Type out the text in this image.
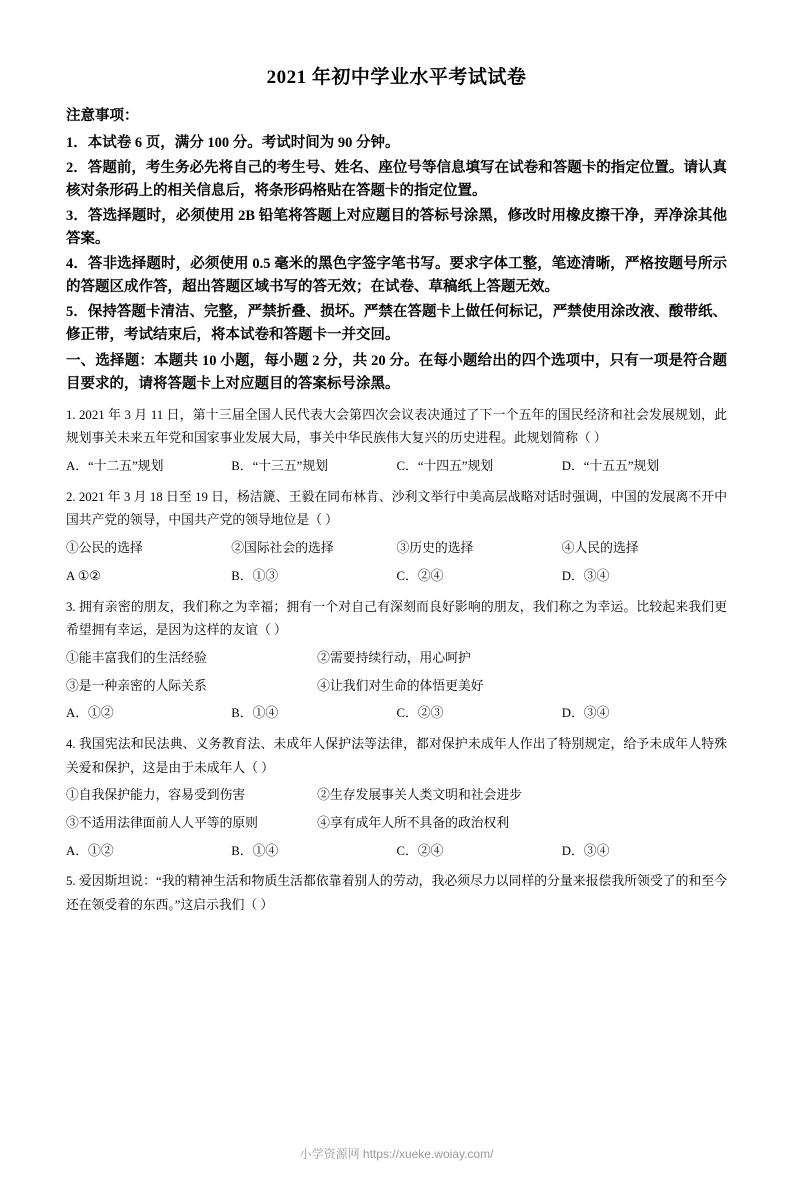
2021 年初中学业水平考试试卷
注意事项：
1．本试卷 6 页，满分 100 分。考试时间为 90 分钟。
2．答题前，考生务必先将自己的考生号、姓名、座位号等信息填写在试卷和答题卡的指定位置。请认真核对条形码上的相关信息后，将条形码格贴在答题卡的指定位置。
3．答选择题时，必须使用 2B 铅笔将答题上对应题目的答标号涂黑，修改时用橡皮擦干净，弄净涂其他答案。
4．答非选择题时，必须使用 0.5 毫米的黑色字签字笔书写。要求字体工整，笔迹清晰，严格按题号所示的答题区成作答，超出答题区域书写的答无效；在试卷、草稿纸上答题无效。
5．保持答题卡清洁、完整，严禁折叠、损坏。严禁在答题卡上做任何标记，严禁使用涂改液、酸带纸、修正带，考试结束后，将本试卷和答题卡一并交回。
一、选择题：本题共 10 小题，每小题 2 分，共 20 分。在每小题给出的四个选项中，只有一项是符合题目要求的，请将答题卡上对应题目的答案标号涂黑。
1. 2021 年 3 月 11 日，第十三届全国人民代表大会第四次会议表决通过了下一个五年的国民经济和社会发展规划，此规划事关未来五年党和国家事业发展大局，事关中华民族伟大复兴的历史进程。此规划简称（ ）
A．“十二五”规划	B．“十三五”规划	C．“十四五”规划	D．“十五五”规划
2. 2021 年 3 月 18 日至 19 日，杨洁篪、王毅在同布林肯、沙利文举行中美高层战略对话时强调，中国的发展离不开中国共产党的领导，中国共产党的领导地位是（ ）
①公民的选择	②国际社会的选择	③历史的选择	④人民的选择
A ①②	B．①③	C．②④	D．③④
3. 拥有亲密的朋友，我们称之为幸福；拥有一个对自己有深刻而良好影响的朋友，我们称之为幸运。比较起来我们更希望拥有幸运，是因为这样的友谊（ ）
①能丰富我们的生活经验	②需要持续行动，用心呵护
③是一种亲密的人际关系	④让我们对生命的体悟更美好
A．①②	B．①④	C．②③	D．③④
4. 我国宪法和民法典、义务教育法、未成年人保护法等法律，都对保护未成年人作出了特别规定，给予未成年人特殊关爱和保护，这是由于未成年人（ ）
①自我保护能力，容易受到伤害	②生存发展事关人类文明和社会进步
③不适用法律面前人人平等的原则	④享有成年人所不具备的政治权利
A．①②	B．①④	C．②④	D．③④
5. 爱因斯坦说：“我的精神生活和物质生活都依靠着别人的劳动，我必须尽力以同样的分量来报偿我所领受了的和至今还在领受着的东西。”这启示我们（ ）
小学资源网 https://xueke.woiay.com/
